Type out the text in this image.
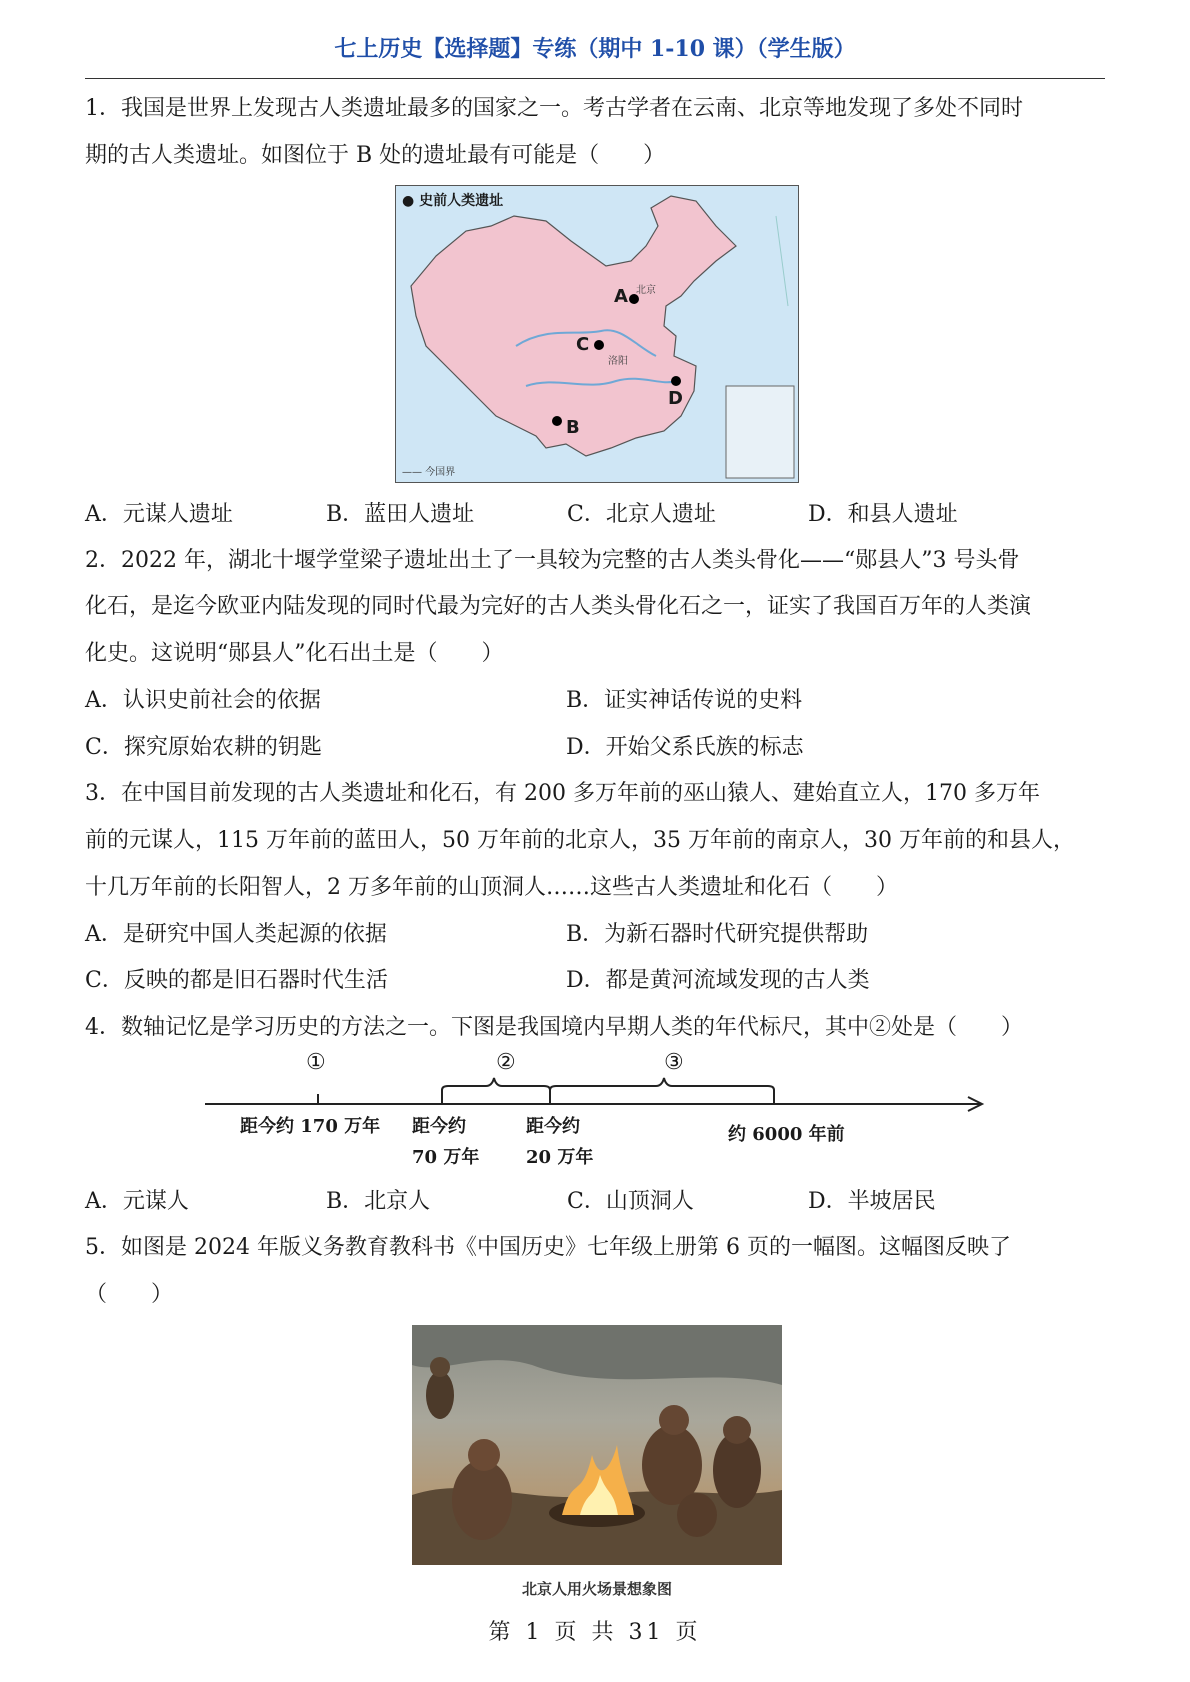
七上历史【选择题】专练（期中 1-10 课）（学生版）
1．我国是世界上发现古人类遗址最多的国家之一。考古学者在云南、北京等地发现了多处不同时
期的古人类遗址。如图位于 B 处的遗址最有可能是（　　）
● 史前人类遗址
—— 今国界
北京
A
C
洛阳
D
B
A．元谋人遗址	B．蓝田人遗址	C．北京人遗址	D．和县人遗址
2．2022 年，湖北十堰学堂梁子遗址出土了一具较为完整的古人类头骨化——“郧县人”3 号头骨
化石，是迄今欧亚内陆发现的同时代最为完好的古人类头骨化石之一，证实了我国百万年的人类演
化史。这说明“郧县人”化石出土是（　　）
A．认识史前社会的依据	B．证实神话传说的史料
C．探究原始农耕的钥匙	D．开始父系氏族的标志
3．在中国目前发现的古人类遗址和化石，有 200 多万年前的巫山猿人、建始直立人，170 多万年
前的元谋人，115 万年前的蓝田人，50 万年前的北京人，35 万年前的南京人，30 万年前的和县人，
十几万年前的长阳智人，2 万多年前的山顶洞人……这些古人类遗址和化石（　　）
A．是研究中国人类起源的依据	B．为新石器时代研究提供帮助
C．反映的都是旧石器时代生活	D．都是黄河流域发现的古人类
4．数轴记忆是学习历史的方法之一。下图是我国境内早期人类的年代标尺，其中②处是（　　）
①	②	③
距今约 170 万年 距今约
70 万年
距今约
20 万年
约 6000 年前
A．元谋人	B．北京人	C．山顶洞人	D．半坡居民
5．如图是 2024 年版义务教育教科书《中国历史》七年级上册第 6 页的一幅图。这幅图反映了
（　　）
北京人用火场景想象图
第 1 页 共 31 页
